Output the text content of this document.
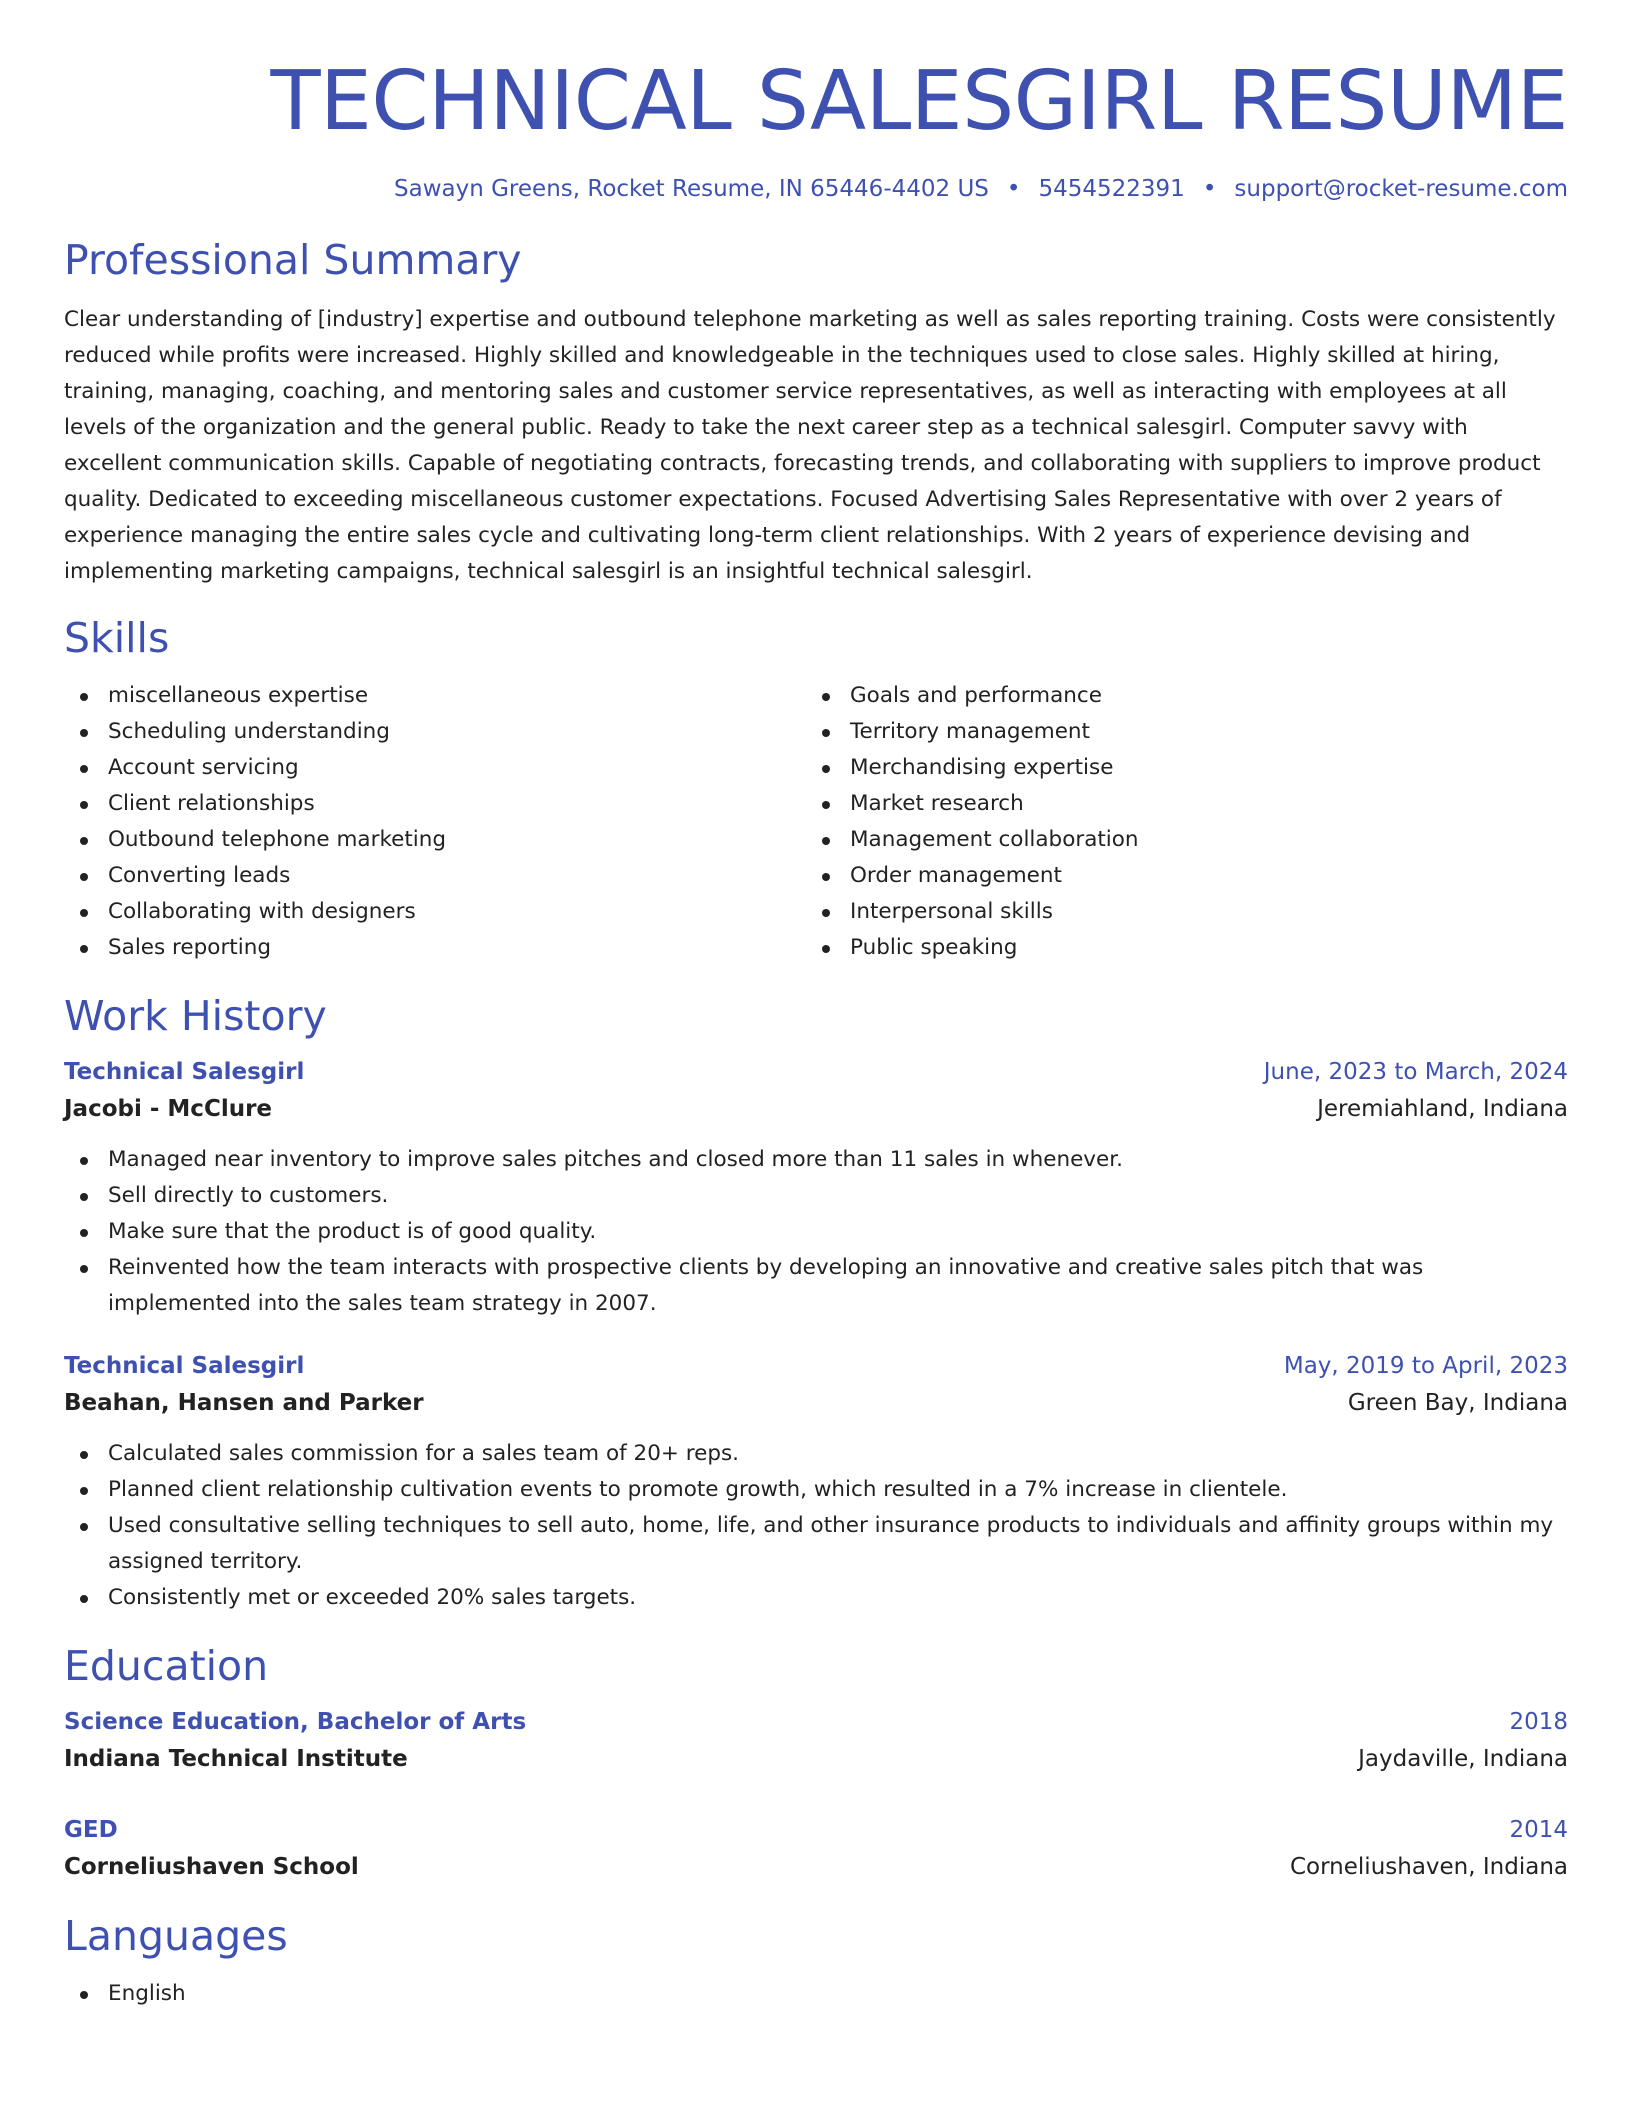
TECHNICAL SALESGIRL RESUME
Sawayn Greens, Rocket Resume, IN 65446-4402 US • 5454522391 • support@rocket-resume.com
Professional Summary

Clear understanding of [industry] expertise and outbound telephone marketing as well as sales reporting training. Costs were consistently reduced while profits were increased. Highly skilled and knowledgeable in the techniques used to close sales. Highly skilled at hiring, training, managing, coaching, and mentoring sales and customer service representatives, as well as interacting with employees at all levels of the organization and the general public. Ready to take the next career step as a technical salesgirl. Computer savvy with excellent communication skills. Capable of negotiating contracts, forecasting trends, and collaborating with suppliers to improve product quality. Dedicated to exceeding miscellaneous customer expectations. Focused Advertising Sales Representative with over 2 years of experience managing the entire sales cycle and cultivating long-term client relationships. With 2 years of experience devising and implementing marketing campaigns, technical salesgirl is an insightful technical salesgirl.

Skills
miscellaneous expertise
Scheduling understanding
Account servicing
Client relationships
Outbound telephone marketing
Converting leads
Collaborating with designers
Sales reporting
Goals and performance
Territory management
Merchandising expertise
Market research
Management collaboration
Order management
Interpersonal skills
Public speaking
Work History
Technical Salesgirl	June, 2023 to March, 2024
Jacobi - McClure	Jeremiahland, Indiana
Managed near inventory to improve sales pitches and closed more than 11 sales in whenever.
Sell directly to customers.
Make sure that the product is of good quality.
Reinvented how the team interacts with prospective clients by developing an innovative and creative sales pitch that was implemented into the sales team strategy in 2007.
Technical Salesgirl	May, 2019 to April, 2023
Beahan, Hansen and Parker	Green Bay, Indiana
Calculated sales commission for a sales team of 20+ reps.
Planned client relationship cultivation events to promote growth, which resulted in a 7% increase in clientele.
Used consultative selling techniques to sell auto, home, life, and other insurance products to individuals and affinity groups within my assigned territory.
Consistently met or exceeded 20% sales targets.
Education
Science Education, Bachelor of Arts	2018
Indiana Technical Institute	Jaydaville, Indiana
GED	2014
Corneliushaven School	Corneliushaven, Indiana
Languages
English
